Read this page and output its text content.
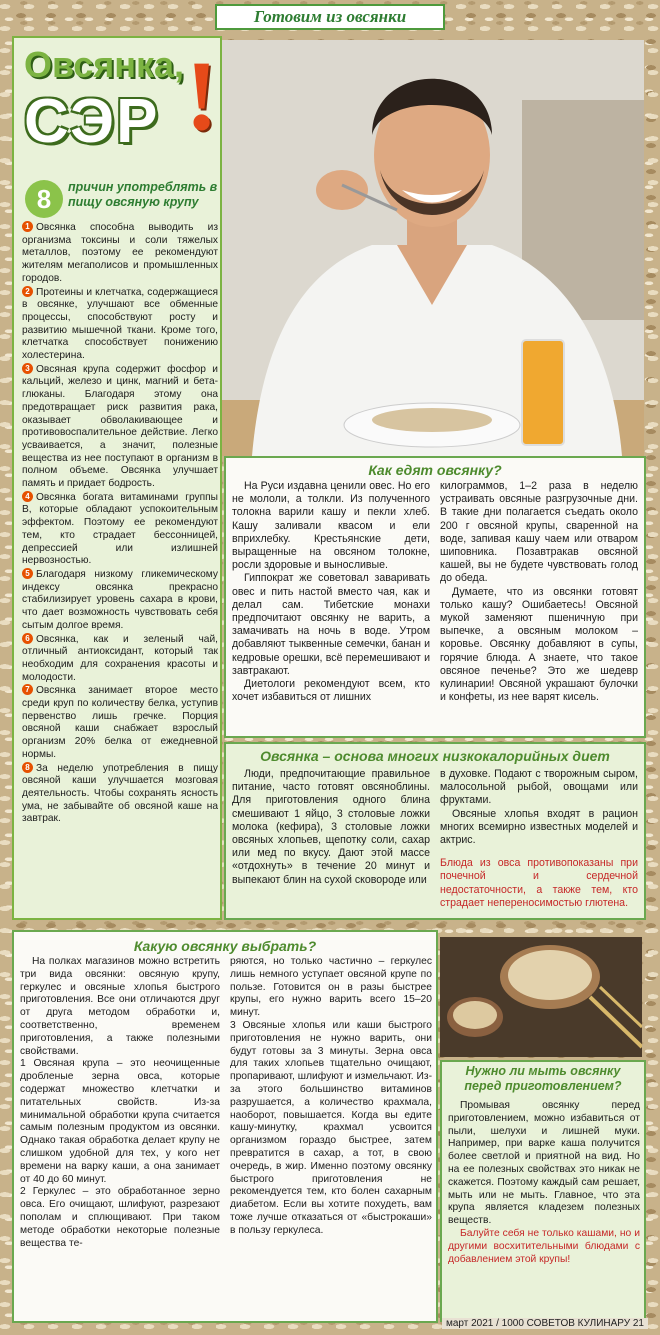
Готовим из овсянки
Овсянка,
СЭР !
8	причин употреблять в пищу овсяную крупу

1 Овсянка способна выводить из организма токсины и соли тяжелых металлов, поэтому ее рекомендуют жителям мегаполисов и промышленных городов.

2 Протеины и клетчатка, содержащиеся в овсянке, улучшают все обменные процессы, способствуют росту и развитию мышечной ткани. Кроме того, клетчатка способствует понижению холестерина.

3 Овсяная крупа содержит фосфор и кальций, железо и цинк, магний и бета-глюканы. Благодаря этому она предотвращает риск развития рака, оказывает обволакивающее и противовоспалительное действие. Легко усваивается, а значит, полезные вещества из нее поступают в организм в полном объеме. Овсянка улучшает память и придает бодрость.

4 Овсянка богата витаминами группы В, которые обладают успокоительным эффектом. Поэтому ее рекомендуют тем, кто страдает бессонницей, депрессией или излишней нервозностью.

5 Благодаря низкому гликемическому индексу овсянка прекрасно стабилизирует уровень сахара в крови, что дает возможность чувствовать себя сытым долгое время.

6 Овсянка, как и зеленый чай, отличный антиоксидант, который так необходим для сохранения красоты и молодости.

7 Овсянка занимает второе место среди круп по количеству белка, уступив первенство лишь гречке. Порция овсяной каши снабжает взрослый организм 20% белка от ежедневной нормы.

8 За неделю употребления в пищу овсяной каши улучшается мозговая деятельность. Чтобы сохранять ясность ума, не забывайте об овсяной каше на завтрак.

Как едят овсянку?

На Руси издавна ценили овес. Но его не мололи, а толкли. Из полученного толокна варили кашу и пекли хлеб. Кашу заливали квасом и ели вприхлебку. Крестьянские дети, выращенные на овсяном толокне, росли здоровые и выносливые.

Гиппократ же советовал заваривать овес и пить настой вместо чая, как и делал сам. Тибетские монахи предпочитают овсянку не варить, а замачивать на ночь в воде. Утром добавляют тыквенные семечки, банан и кедровые орешки, всё перемешивают и завтракают.

Диетологи рекомендуют всем, кто хочет избавиться от лишних

килограммов, 1–2 раза в неделю устраивать овсяные разгрузочные дни. В такие дни полагается съедать около 200 г овсяной крупы, сваренной на воде, запивая кашу чаем или отваром шиповника. Позавтракав овсяной кашей, вы не будете чувствовать голод до обеда.

Думаете, что из овсянки готовят только кашу? Ошибаетесь! Овсяной мукой заменяют пшеничную при выпечке, а овсяным молоком – коровье. Овсянку добавляют в супы, горячие блюда. А знаете, что такое овсяное печенье? Это же шедевр кулинарии! Овсяной украшают булочки и конфеты, из нее варят кисель.

Овсянка – основа многих низкокалорийных диет

Люди, предпочитающие правильное питание, часто готовят овсяноблины. Для приготовления одного блина смешивают 1 яйцо, 3 столовые ложки молока (кефира), 3 столовые ложки овсяных хлопьев, щепотку соли, сахар или мед по вкусу. Дают этой массе «отдохнуть» в течение 20 минут и выпекают блин на сухой сковороде или

в духовке. Подают с творожным сыром, малосольной рыбой, овощами или фруктами.

Овсяные хлопья входят в рацион многих всемирно известных моделей и актрис.

Блюда из овса противопоказаны при почечной и сердечной недостаточности, а также тем, кто страдает непереносимостью глютена.

Какую овсянку выбрать?

На полках магазинов можно встретить три вида овсянки: овсяную крупу, геркулес и овсяные хлопья быстрого приготовления. Все они отличаются друг от друга методом обработки и, соответственно, временем приготовления, а также полезными свойствами.

1 Овсяная крупа – это неочищенные дробленые зерна овса, которые содержат множество клетчатки и питательных свойств. Из-за минимальной обработки крупа считается самым полезным продуктом из овсянки. Однако такая обработка делает крупу не слишком удобной для тех, у кого нет времени на варку каши, а она занимает от 40 до 60 минут.

2 Геркулес – это обработанное зерно овса. Его очищают, шлифуют, разрезают пополам и сплющивают. При таком методе обработки некоторые полезные вещества те-

ряются, но только частично – геркулес лишь немного уступает овсяной крупе по пользе. Готовится он в разы быстрее крупы, его нужно варить всего 15–20 минут.

3 Овсяные хлопья или каши быстрого приготовления не нужно варить, они будут готовы за 3 минуты. Зерна овса для таких хлопьев тщательно очищают, пропаривают, шлифуют и измельчают. Из-за этого большинство витаминов разрушается, а количество крахмала, наоборот, повышается. Когда вы едите кашу-минутку, крахмал усвоится организмом гораздо быстрее, затем превратится в сахар, а тот, в свою очередь, в жир. Именно поэтому овсянку быстрого приготовления не рекомендуется тем, кто болен сахарным диабетом. Если вы хотите похудеть, вам тоже лучше отказаться от «быстрокаши» в пользу геркулеса.

Нужно ли мыть овсянку перед приготовлением?

Промывая овсянку перед приготовлением, можно избавиться от пыли, шелухи и лишней муки. Например, при варке каша получится более светлой и приятной на вид. Но на ее полезных свойствах это никак не скажется. Поэтому каждый сам решает, мыть или не мыть. Главное, что эта крупа является кладезем полезных веществ.

Балуйте себя не только кашами, но и другими восхитительными блюдами с добавлением этой крупы!

март 2021 / 1000 СОВЕТОВ КУЛИНАРУ 21
